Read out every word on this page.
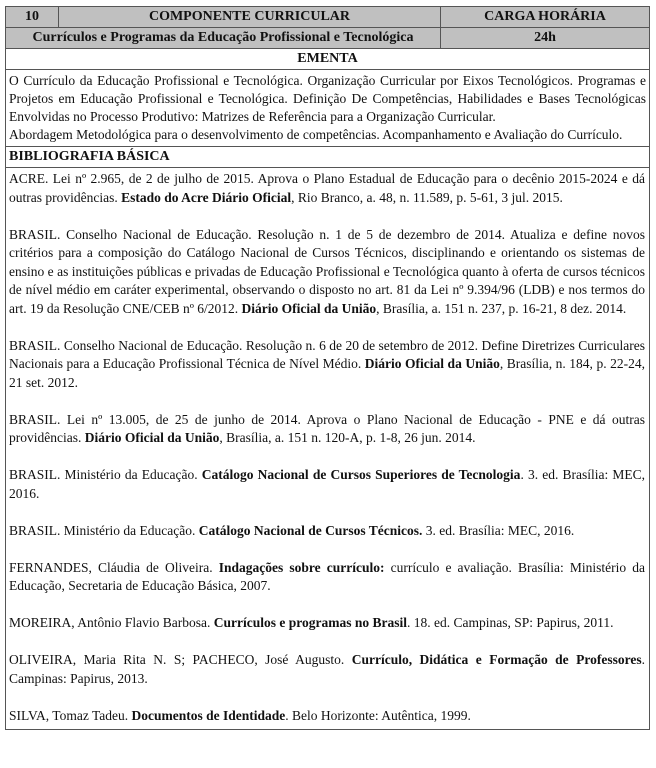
10	COMPONENTE CURRICULAR	CARGA HORÁRIA
Currículos e Programas da Educação Profissional e Tecnológica	24h
EMENTA

O Currículo da Educação Profissional e Tecnológica. Organização Curricular por Eixos Tecnológicos. Programas e Projetos em Educação Profissional e Tecnológica. Definição De Competências, Habilidades e Bases Tecnológicas Envolvidas no Processo Produtivo: Matrizes de Referência para a Organização Curricular.

Abordagem Metodológica para o desenvolvimento de competências. Acompanhamento e Avaliação do Currículo.

BIBLIOGRAFIA BÁSICA

ACRE. Lei nº 2.965, de 2 de julho de 2015. Aprova o Plano Estadual de Educação para o decênio 2015-2024 e dá outras providências. Estado do Acre Diário Oficial, Rio Branco, a. 48, n. 11.589, p. 5-61, 3 jul. 2015.

BRASIL. Conselho Nacional de Educação. Resolução n. 1 de 5 de dezembro de 2014. Atualiza e define novos critérios para a composição do Catálogo Nacional de Cursos Técnicos, disciplinando e orientando os sistemas de ensino e as instituições públicas e privadas de Educação Profissional e Tecnológica quanto à oferta de cursos técnicos de nível médio em caráter experimental, observando o disposto no art. 81 da Lei nº 9.394/96 (LDB) e nos termos do art. 19 da Resolução CNE/CEB nº 6/2012. Diário Oficial da União, Brasília, a. 151 n. 237, p. 16-21, 8 dez. 2014.

BRASIL. Conselho Nacional de Educação. Resolução n. 6 de 20 de setembro de 2012. Define Diretrizes Curriculares Nacionais para a Educação Profissional Técnica de Nível Médio. Diário Oficial da União, Brasília, n. 184, p. 22-24, 21 set. 2012.

BRASIL. Lei nº 13.005, de 25 de junho de 2014. Aprova o Plano Nacional de Educação - PNE e dá outras providências. Diário Oficial da União, Brasília, a. 151 n. 120-A, p. 1-8, 26 jun. 2014.

BRASIL. Ministério da Educação. Catálogo Nacional de Cursos Superiores de Tecnologia. 3. ed. Brasília: MEC, 2016.

BRASIL. Ministério da Educação. Catálogo Nacional de Cursos Técnicos. 3. ed. Brasília: MEC, 2016.

FERNANDES, Cláudia de Oliveira. Indagações sobre currículo: currículo e avaliação. Brasília: Ministério da Educação, Secretaria de Educação Básica, 2007.

MOREIRA, Antônio Flavio Barbosa. Currículos e programas no Brasil. 18. ed. Campinas, SP: Papirus, 2011.

OLIVEIRA, Maria Rita N. S; PACHECO, José Augusto. Currículo, Didática e Formação de Professores. Campinas: Papirus, 2013.

SILVA, Tomaz Tadeu. Documentos de Identidade. Belo Horizonte: Autêntica, 1999.
